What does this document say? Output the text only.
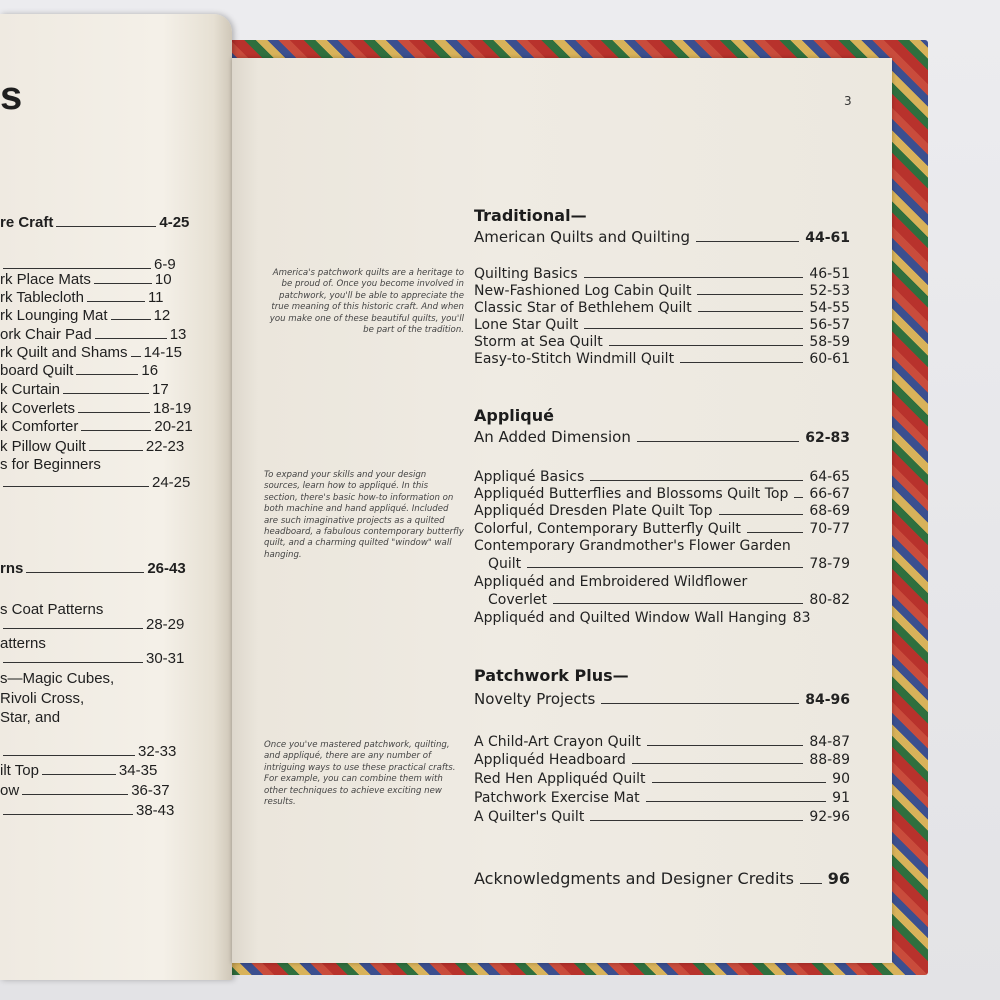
s
re Craft	4-25
6-9
rk Place Mats	10
rk Tablecloth	11
rk Lounging Mat	12
ork Chair Pad	13
rk Quilt and Shams 14-15
board Quilt	16
k Curtain	17
k Coverlets	18-19
k Comforter	20-21
k Pillow Quilt	22-23
s for Beginners
24-25
rns	26-43
s Coat Patterns
28-29
atterns
30-31
s—Magic Cubes,
Rivoli Cross,
Star, and
32-33
ilt Top	34-35
ow	36-37
38-43
3
America's patchwork quilts are a heritage to be proud of. Once you become involved in patchwork, you'll be able to appreciate the true meaning of this historic craft. And when you make one of these beautiful quilts, you'll be part of the tradition.
To expand your skills and your design sources, learn how to appliqué. In this section, there's basic how-to information on both machine and hand appliqué. Included are such imaginative projects as a quilted headboard, a fabulous contemporary butterfly quilt, and a charming quilted "window" wall hanging.
Once you've mastered patchwork, quilting, and appliqué, there are any number of intriguing ways to use these practical crafts. For example, you can combine them with other techniques to achieve exciting new results.
Traditional—
American Quilts and Quilting	44-61
Quilting Basics	46-51
New-Fashioned Log Cabin Quilt	52-53
Classic Star of Bethlehem Quilt	54-55
Lone Star Quilt	56-57
Storm at Sea Quilt	58-59
Easy-to-Stitch Windmill Quilt	60-61
Appliqué
An Added Dimension	62-83
Appliqué Basics	64-65
Appliquéd Butterflies and Blossoms Quilt Top 66-67
Appliquéd Dresden Plate Quilt Top	68-69
Colorful, Contemporary Butterfly Quilt	70-77
Contemporary Grandmother's Flower Garden
Quilt	78-79
Appliquéd and Embroidered Wildflower
Coverlet	80-82
Appliquéd and Quilted Window Wall Hanging 83
Patchwork Plus—
Novelty Projects	84-96
A Child-Art Crayon Quilt	84-87
Appliquéd Headboard	88-89
Red Hen Appliquéd Quilt	90
Patchwork Exercise Mat	91
A Quilter's Quilt	92-96
Acknowledgments and Designer Credits 96
